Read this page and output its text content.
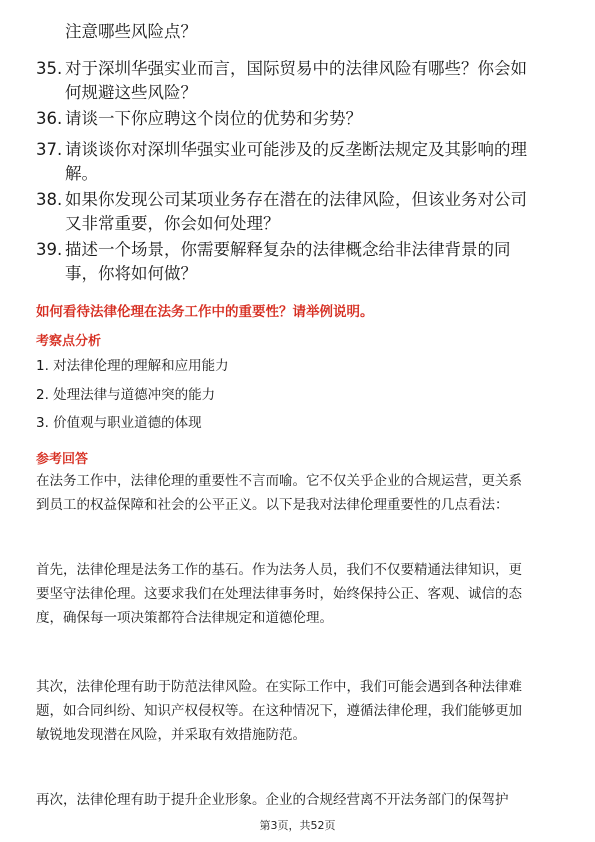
注意哪些风险点？
35. 对于深圳华强实业而言，国际贸易中的法律风险有哪些？你会如
何规避这些风险？
36. 请谈一下你应聘这个岗位的优势和劣势？
37. 请谈谈你对深圳华强实业可能涉及的反垄断法规定及其影响的理
解。
38. 如果你发现公司某项业务存在潜在的法律风险，但该业务对公司
又非常重要，你会如何处理？
39. 描述一个场景，你需要解释复杂的法律概念给非法律背景的同
事，你将如何做？
如何看待法律伦理在法务工作中的重要性？请举例说明。
考察点分析
1. 对法律伦理的理解和应用能力
2. 处理法律与道德冲突的能力
3. 价值观与职业道德的体现
参考回答
在法务工作中，法律伦理的重要性不言而喻。它不仅关乎企业的合规运营，更关系
到员工的权益保障和社会的公平正义。以下是我对法律伦理重要性的几点看法：
首先，法律伦理是法务工作的基石。作为法务人员，我们不仅要精通法律知识，更
要坚守法律伦理。这要求我们在处理法律事务时，始终保持公正、客观、诚信的态
度，确保每一项决策都符合法律规定和道德伦理。
其次，法律伦理有助于防范法律风险。在实际工作中，我们可能会遇到各种法律难
题，如合同纠纷、知识产权侵权等。在这种情况下，遵循法律伦理，我们能够更加
敏锐地发现潜在风险，并采取有效措施防范。
再次，法律伦理有助于提升企业形象。企业的合规经营离不开法务部门的保驾护
第3页，共52页
